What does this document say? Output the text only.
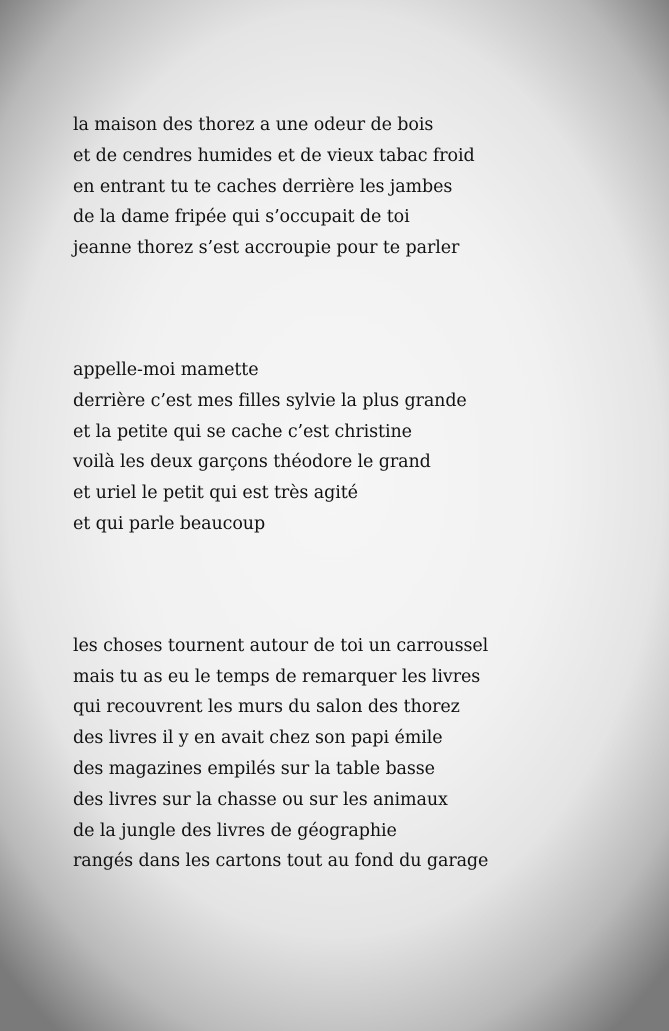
la maison des thorez a une odeur de bois
et de cendres humides et de vieux tabac froid
en entrant tu te caches derrière les jambes
de la dame fripée qui s’occupait de toi
jeanne thorez s’est accroupie pour te parler
appelle-moi mamette
derrière c’est mes filles sylvie la plus grande
et la petite qui se cache c’est christine
voilà les deux garçons théodore le grand
et uriel le petit qui est très agité
et qui parle beaucoup
les choses tournent autour de toi un carroussel
mais tu as eu le temps de remarquer les livres
qui recouvrent les murs du salon des thorez
des livres il y en avait chez son papi émile
des magazines empilés sur la table basse
des livres sur la chasse ou sur les animaux
de la jungle des livres de géographie
rangés dans les cartons tout au fond du garage
